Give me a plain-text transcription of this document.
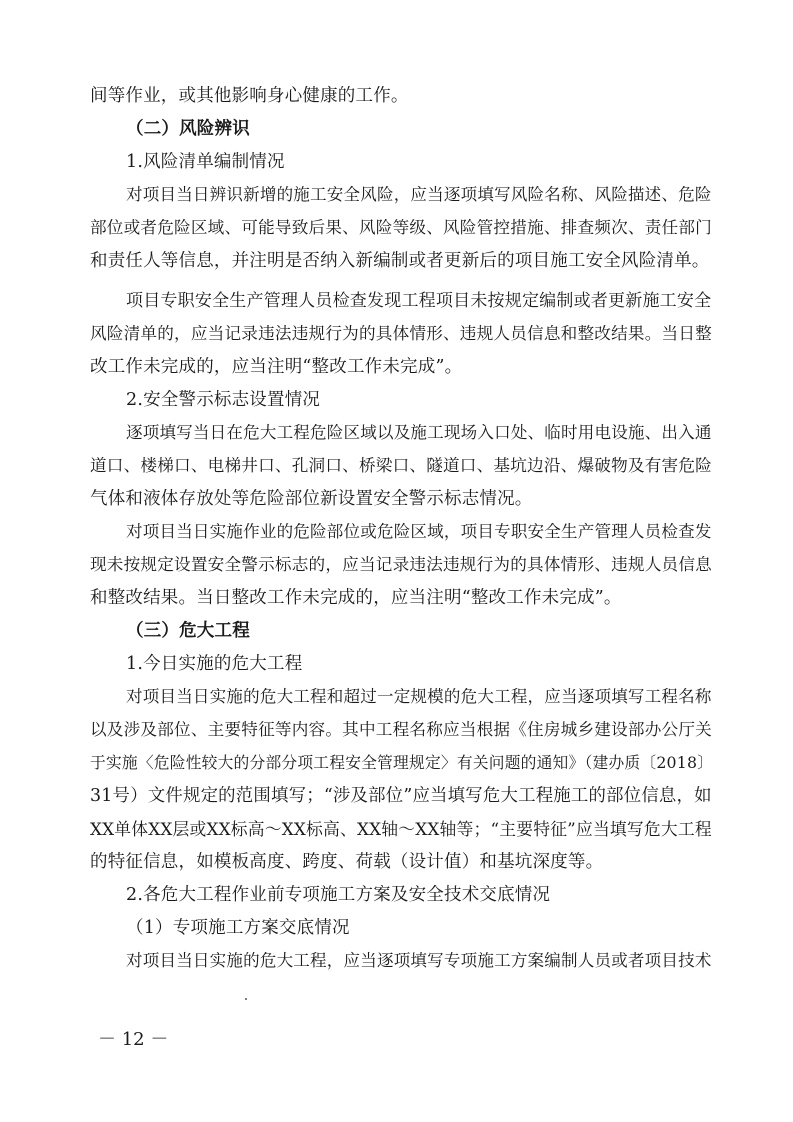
间等作业，或其他影响身心健康的工作。
（二）风险辨识
1.风险清单编制情况
对项目当日辨识新增的施工安全风险，应当逐项填写风险名称、风险描述、危险
部位或者危险区域、可能导致后果、风险等级、风险管控措施、排查频次、责任部门
和责任人等信息，并注明是否纳入新编制或者更新后的项目施工安全风险清单。
项目专职安全生产管理人员检查发现工程项目未按规定编制或者更新施工安全
风险清单的，应当记录违法违规行为的具体情形、违规人员信息和整改结果。当日整
改工作未完成的，应当注明“整改工作未完成”。
2.安全警示标志设置情况
逐项填写当日在危大工程危险区域以及施工现场入口处、临时用电设施、出入通
道口、楼梯口、电梯井口、孔洞口、桥梁口、隧道口、基坑边沿、爆破物及有害危险
气体和液体存放处等危险部位新设置安全警示标志情况。
对项目当日实施作业的危险部位或危险区域，项目专职安全生产管理人员检查发
现未按规定设置安全警示标志的，应当记录违法违规行为的具体情形、违规人员信息
和整改结果。当日整改工作未完成的，应当注明“整改工作未完成”。
（三）危大工程
1.今日实施的危大工程
对项目当日实施的危大工程和超过一定规模的危大工程，应当逐项填写工程名称
以及涉及部位、主要特征等内容。其中工程名称应当根据《住房城乡建设部办公厅关
于实施〈危险性较大的分部分项工程安全管理规定〉有关问题的通知》（建办质〔2018〕
31号）文件规定的范围填写；“涉及部位”应当填写危大工程施工的部位信息，如
XX单体XX层或XX标高～XX标高、XX轴～XX轴等；“主要特征”应当填写危大工程
的特征信息，如模板高度、跨度、荷载（设计值）和基坑深度等。
2.各危大工程作业前专项施工方案及安全技术交底情况
（1）专项施工方案交底情况
对项目当日实施的危大工程，应当逐项填写专项施工方案编制人员或者项目技术
－ 12 －
